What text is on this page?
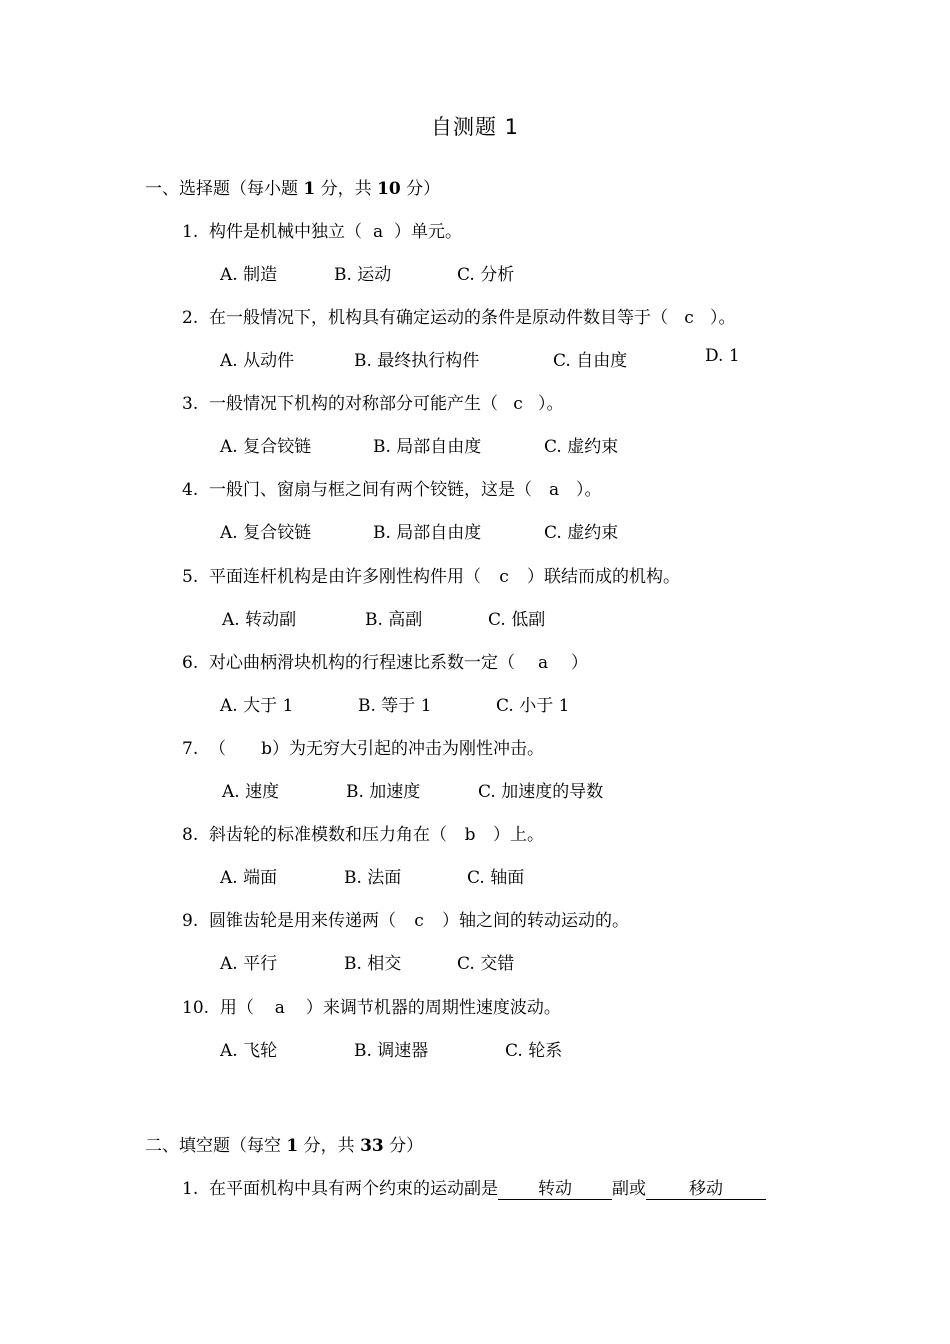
自测题 1
一、选择题（每小题 1 分，共 10 分）
1. 构件是机械中独立（ a ）单元。
A. 制造	B. 运动	C. 分析
2. 在一般情况下，机构具有确定运动的条件是原动件数目等于（ c ）。
A. 从动件	B. 最终执行构件	C. 自由度	D. 1
3. 一般情况下机构的对称部分可能产生（ c ）。
A. 复合铰链	B. 局部自由度	C. 虚约束
4. 一般门、窗扇与框之间有两个铰链，这是（ a ）。
A. 复合铰链	B. 局部自由度	C. 虚约束
5. 平面连杆机构是由许多刚性构件用（ c ）联结而成的机构。
A. 转动副	B. 高副	C. 低副
6. 对心曲柄滑块机构的行程速比系数一定（ a ）
A. 大于 1	B. 等于 1	C. 小于 1
7. （ b）为无穷大引起的冲击为刚性冲击。
A. 速度	B. 加速度	C. 加速度的导数
8. 斜齿轮的标准模数和压力角在（ b ）上。
A. 端面	B. 法面	C. 轴面
9. 圆锥齿轮是用来传递两（ c ）轴之间的转动运动的。
A. 平行	B. 相交	C. 交错
10. 用（ a ）来调节机器的周期性速度波动。
A. 飞轮	B. 调速器	C. 轮系
二、填空题（每空 1 分，共 33 分）
1. 在平面机构中具有两个约束的运动副是 转动 副或	移动
